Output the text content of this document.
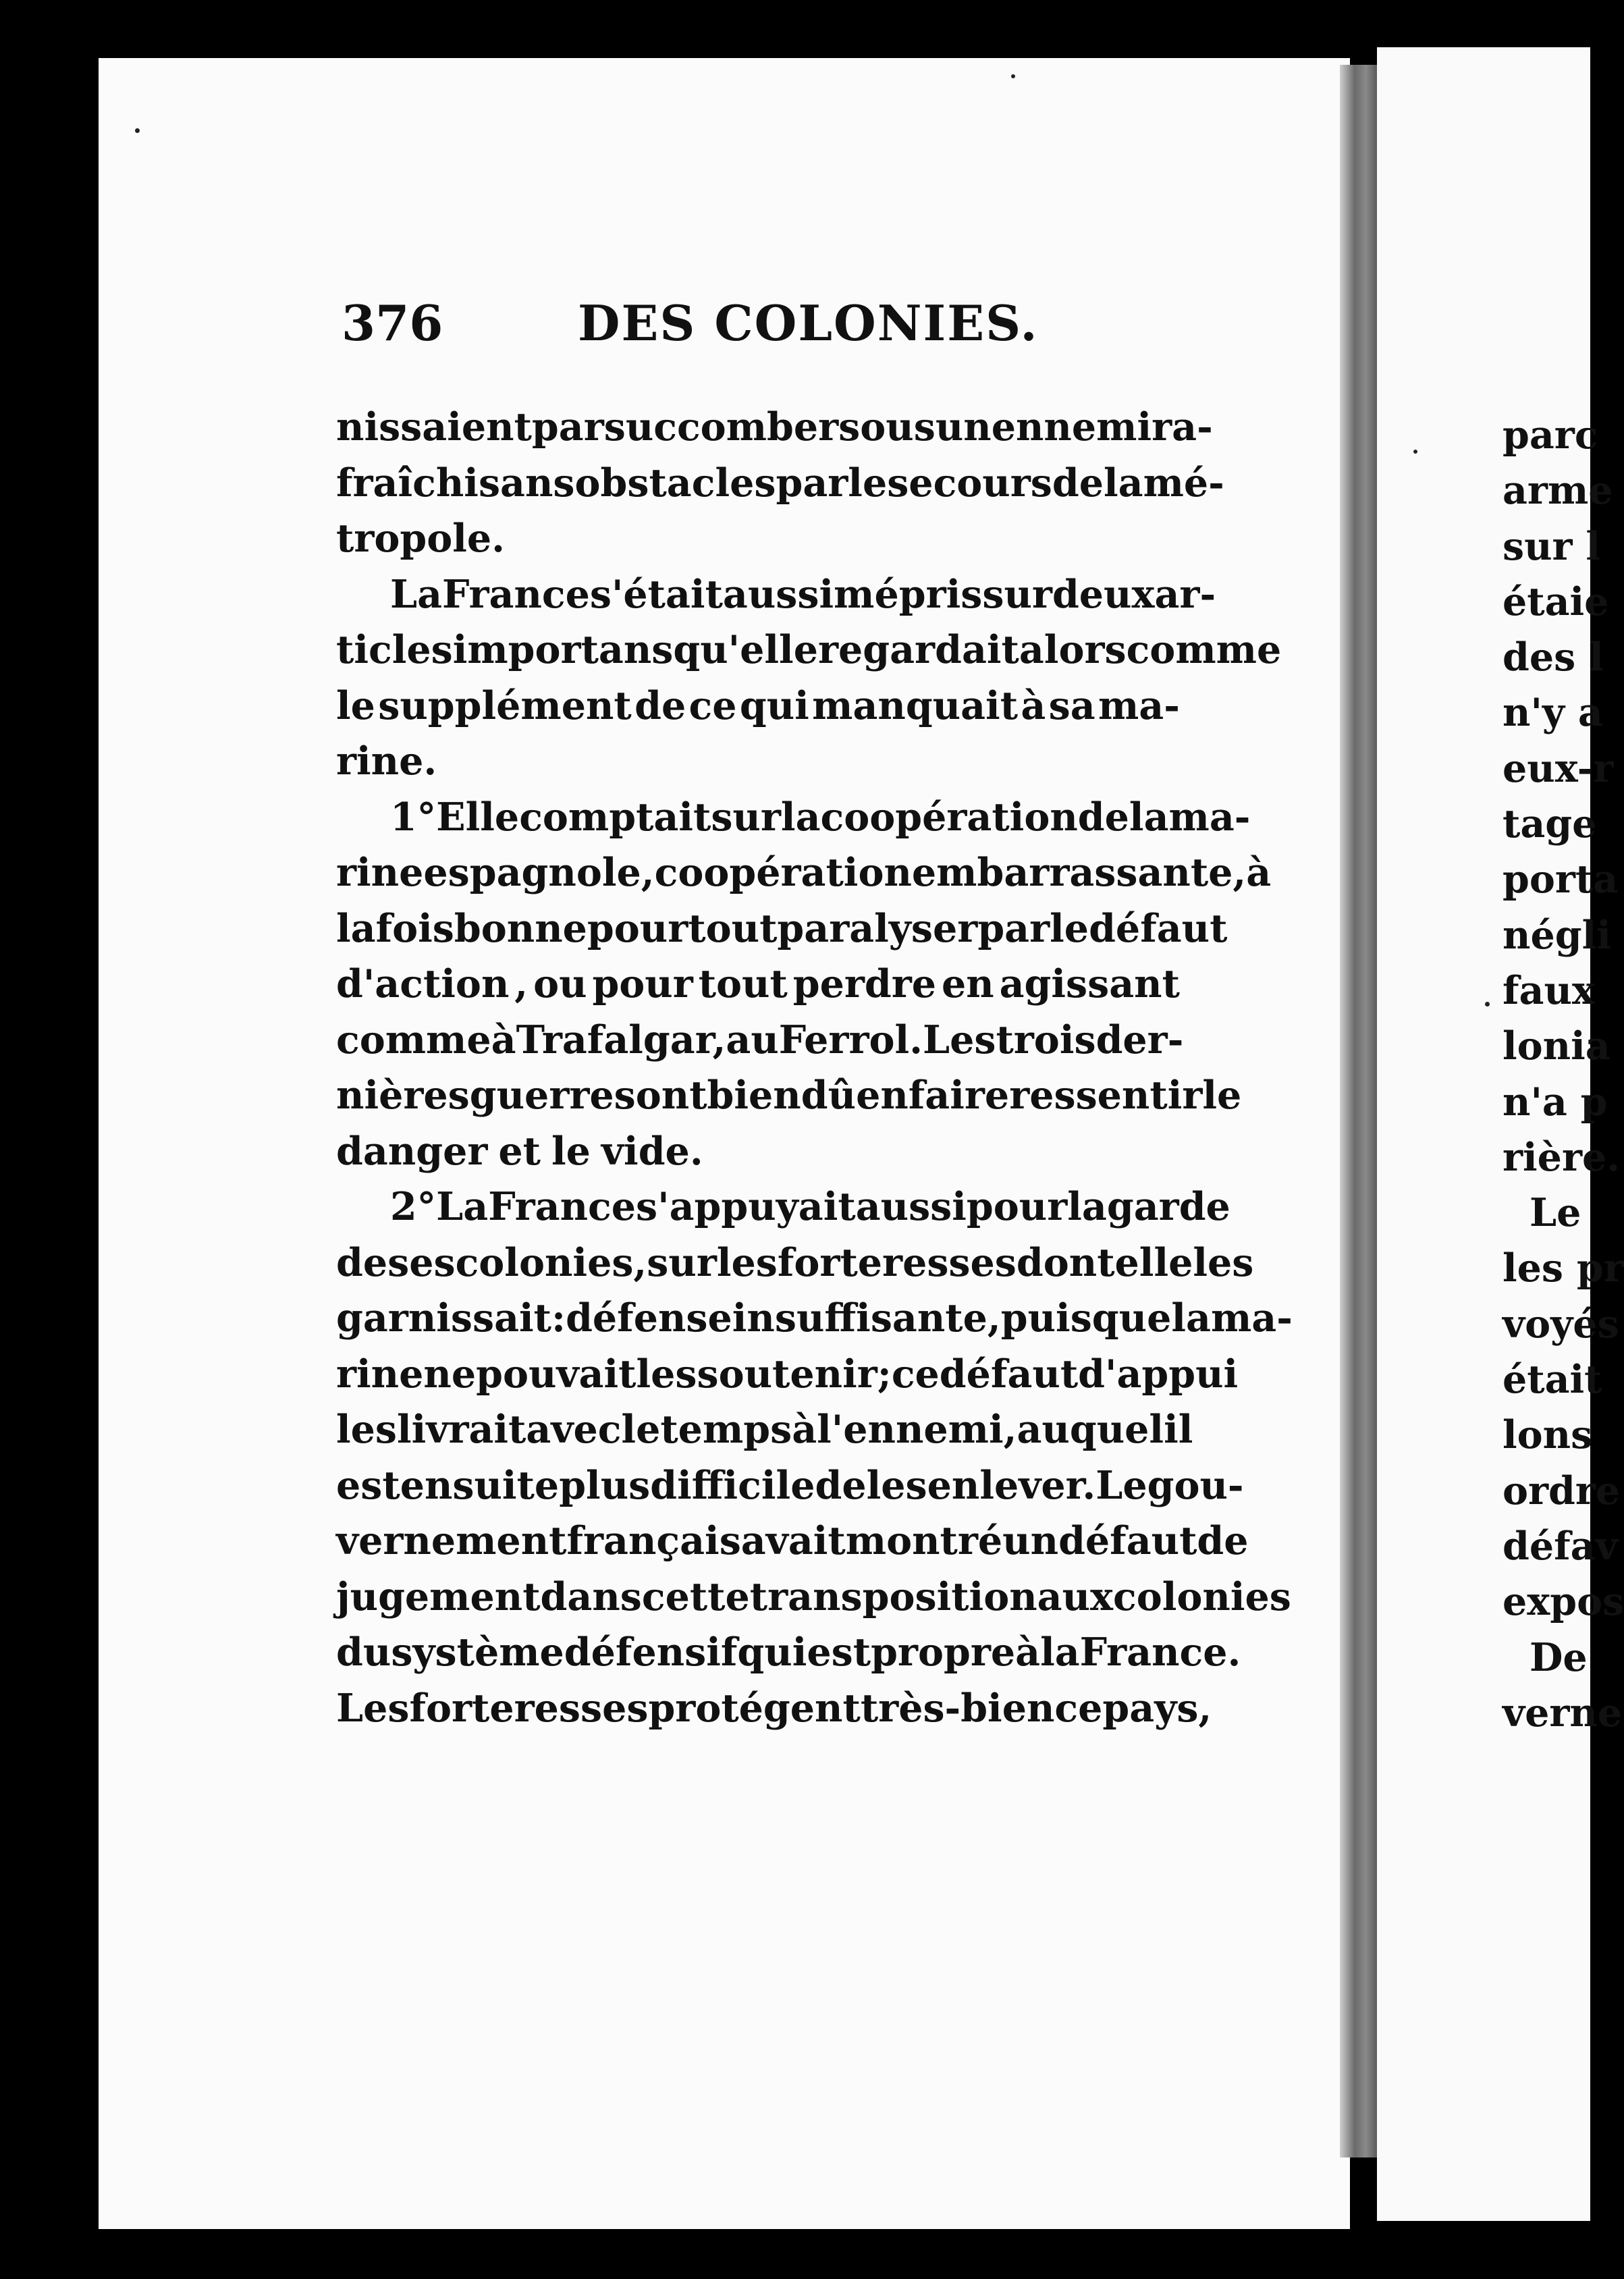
376	DES COLONIES.
nissaient par succomber sous un ennemi ra-
fraîchi sans obstacles par le secours de la mé-
tropole.
La France s'était aussi mépris sur deux ar-
ticles importans qu'elle regardait alors comme
le supplément de ce qui manquait à sa ma-
rine.
1° Elle comptait sur la coopération de la ma-
rine espagnole, coopération embarrassante, à
la fois bonne pour tout paralyser par le défaut
d'action , ou pour tout perdre en agissant
comme à Trafalgar, au Ferrol. Les trois der-
nières guerres ont bien dû en faire ressentir le
danger et le vide.
2° La France s'appuyait aussi pour la garde
de ses colonies, sur les forteresses dont elle les
garnissait : défense insuffisante, puisque la ma-
rine ne pouvait les soutenir; ce défaut d'appui
les livrait avec le temps à l'ennemi, auquel il
est ensuite plus difficile de les enlever. Le gou-
vernement français avait montré un défaut de
jugement dans cette transposition aux colonies
du système défensif qui est propre à la France.
Les forteresses protégent très-bien ce pays,
parc
arme
sur l
étaie
des l
n'y a
eux-r
tage
porta
négli
faux
lonia
n'a p
rière.
Le
les pr
voyés
était
lons
ordre
défav
expos
De
verne
